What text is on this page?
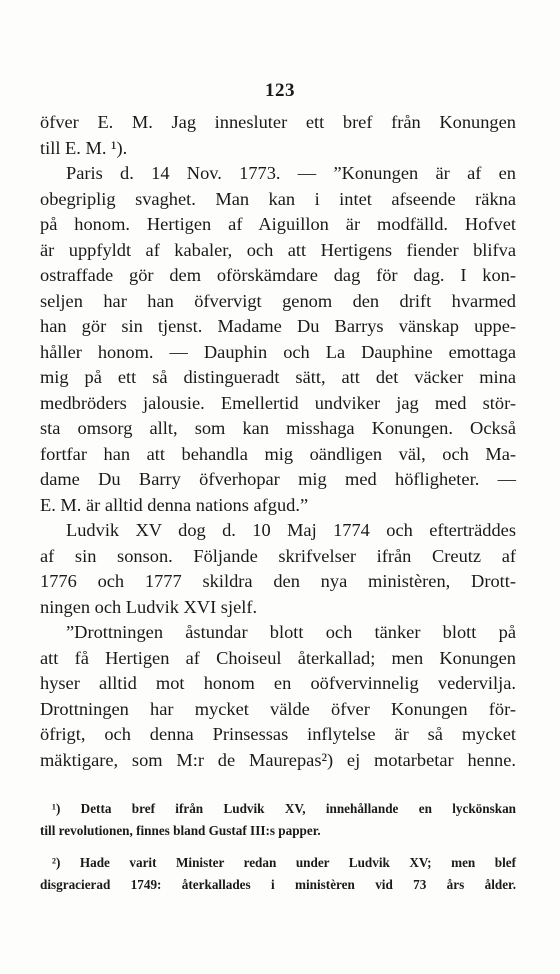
123
öfver E. M. Jag innesluter ett bref från Konungen
till E. M. ¹).
Paris d. 14 Nov. 1773. — ”Konungen är af en
obegriplig svaghet. Man kan i intet afseende räkna
på honom. Hertigen af Aiguillon är modfälld. Hofvet
är uppfyldt af kabaler, och att Hertigens fiender blifva
ostraffade gör dem oförskämdare dag för dag. I kon-
seljen har han öfvervigt genom den drift hvarmed
han gör sin tjenst. Madame Du Barrys vänskap uppe-
håller honom. — Dauphin och La Dauphine emottaga
mig på ett så distingueradt sätt, att det väcker mina
medbröders jalousie. Emellertid undviker jag med stör-
sta omsorg allt, som kan misshaga Konungen. Också
fortfar han att behandla mig oändligen väl, och Ma-
dame Du Barry öfverhopar mig med höfligheter. —
E. M. är alltid denna nations afgud.”
Ludvik XV dog d. 10 Maj 1774 och efterträddes
af sin sonson. Följande skrifvelser ifrån Creutz af
1776 och 1777 skildra den nya ministèren, Drott-
ningen och Ludvik XVI sjelf.
”Drottningen åstundar blott och tänker blott på
att få Hertigen af Choiseul återkallad; men Konungen
hyser alltid mot honom en oöfvervinnelig vedervilja.
Drottningen har mycket välde öfver Konungen för-
öfrigt, och denna Prinsessas inflytelse är så mycket
mäktigare, som M:r de Maurepas²) ej motarbetar henne.
¹) Detta bref ifrån Ludvik XV, innehållande en lyckönskan
till revolutionen, finnes bland Gustaf III:s papper.
²) Hade varit Minister redan under Ludvik XV; men blef
disgracierad 1749: återkallades i ministèren vid 73 års ålder.
